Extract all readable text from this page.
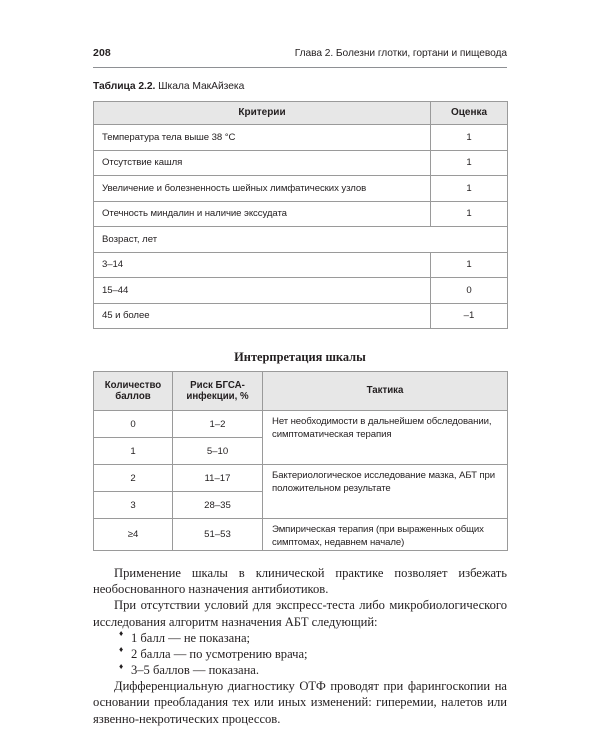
208	Глава 2. Болезни глотки, гортани и пищевода
Таблица 2.2. Шкала МакАйзека
Критерии	Оценка
Температура тела выше 38 °C	1
Отсутствие кашля	1
Увеличение и болезненность шейных лимфатических узлов	1
Отечность миндалин и наличие экссудата	1
Возраст, лет	
3–14	1
15–44	0
45 и более	–1
Интерпретация шкалы
Количество баллов	Риск БГСА-инфекции, %	Тактика
0	1–2	Нет необходимости в дальнейшем обследовании, симптоматическая терапия
1	5–10	
2	11–17	Бактериологическое исследование мазка, АБТ при положительном результате
3	28–35	
≥4	51–53	Эмпирическая терапия (при выраженных общих симптомах, недавнем начале)

Применение шкалы в клинической практике позволяет избежать необоснованного назначения антибиотиков.

При отсутствии условий для экспресс-теста либо микробиологического исследования алгоритм назначения АБТ следующий:

♦ 1 балл — не показана;
♦ 2 балла — по усмотрению врача;
♦ 3–5 баллов — показана.

Дифференциальную диагностику ОТФ проводят при фарингоскопии на основании преобладания тех или иных изменений: гиперемии, налетов или язвенно-некротических процессов.
